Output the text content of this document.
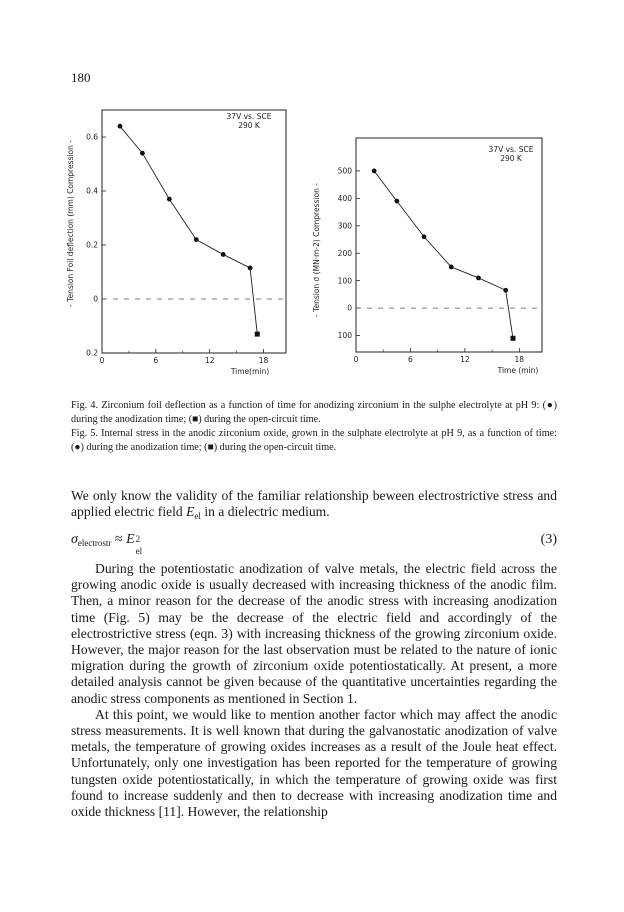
180
0	6	12	18
0.6
0.4
0.2
0
0.2
37V vs. SCE
290 K
Time(min)
- Tension Foil deflection (mm) Compression -
0	6	12	18
500
400
300
200
100
0
100
37V vs. SCE
290 K
Time (min)
- Tension σ (MN·m-2) Compression -
Fig. 4. Zirconium foil deflection as a function of time for anodizing zirconium in the sulphe electrolyte at pH 9: (●) during the anodization time; (■) during the open-circuit time.
Fig. 5. Internal stress in the anodic zirconium oxide, grown in the sulphate electrolyte at pH 9, as a function of time: (●) during the anodization time; (■) during the open-circuit time.

We only know the validity of the familiar relationship beween electrostrictive stress and applied electric field $E_{el}$ in a dielectric medium.

$\sigma_{electrostr} \approx E$ 2
el
(3)

During the potentiostatic anodization of valve metals, the electric field across the growing anodic oxide is usually decreased with increasing thickness of the anodic film. Then, a minor reason for the decrease of the anodic stress with increasing anodization time (Fig. 5) may be the decrease of the electric field and accordingly of the electrostrictive stress (eqn. 3) with increasing thickness of the growing zirconium oxide. However, the major reason for the last observation must be related to the nature of ionic migration during the growth of zirconium oxide potentiostatically. At present, a more detailed analysis cannot be given because of the quantitative uncertainties regarding the anodic stress components as mentioned in Section 1.

At this point, we would like to mention another factor which may affect the anodic stress measurements. It is well known that during the galvanostatic anodization of valve metals, the temperature of growing oxides increases as a result of the Joule heat effect. Unfortunately, only one investigation has been reported for the temperature of growing tungsten oxide potentiostatically, in which the temperature of growing oxide was first found to increase suddenly and then to decrease with increasing anodization time and oxide thickness [11]. However, the relationship
